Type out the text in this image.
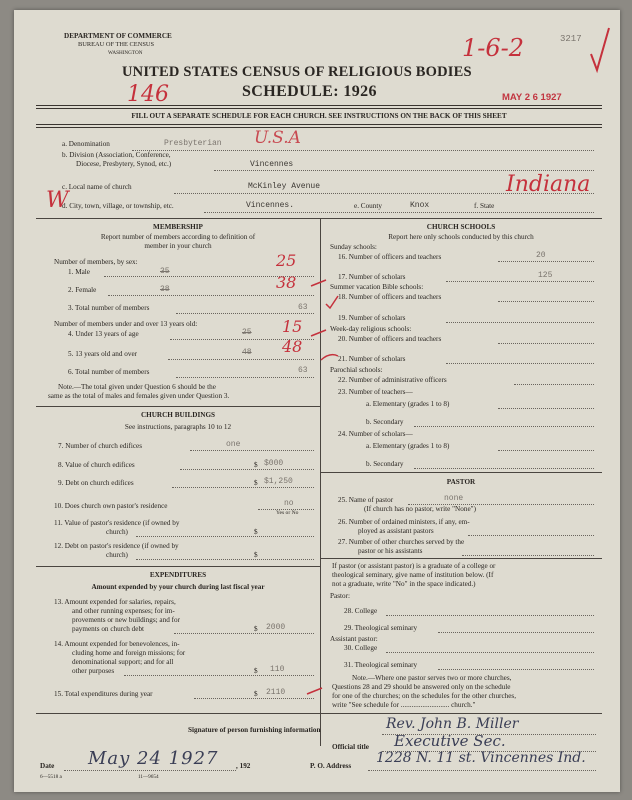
DEPARTMENT OF COMMERCE
BUREAU OF THE CENSUS
WASHINGTON
UNITED STATES CENSUS OF RELIGIOUS BODIES
SCHEDULE: 1926
3217
MAY 2 6 1927
1-6-2
146
FILL OUT A SEPARATE SCHEDULE FOR EACH CHURCH. SEE INSTRUCTIONS ON THE BACK OF THIS SHEET
a. Denomination	Presbyterian U.S.A
b. Division (Association, Conference,
Diocese, Presbytery, Synod, etc.)	Vincennes
W
c. Local name of church	McKinley Avenue
d. City, town, village, or township, etc.	Vincennes.	e. County	Knox	f. State
Indiana
MEMBERSHIP
Report number of members according to definition of
member in your church
Number of members, by sex:
1. Male	35
25
2. Female	38	38
3. Total number of members	63
Number of members under and over 13 years old:
4. Under 13 years of age	25 15
5. 13 years old and over	48 48
6. Total number of members	63
Note.—The total given under Question 6 should be the
same as the total of males and females given under Question 3.
CHURCH BUILDINGS
See instructions, paragraphs 10 to 12
7. Number of church edifices	one
8. Value of church edifices	$ $000
9. Debt on church edifices	$ $1,250
10. Does church own pastor's residence	no
Yes or No
11. Value of pastor's residence (if owned by
church)	$
12. Debt on pastor's residence (if owned by
church)	$
EXPENDITURES
Amount expended by your church during last fiscal year
13. Amount expended for salaries, repairs,
and other running expenses; for im-
provements or new buildings; and for
payments on church debt	$ 2000
14. Amount expended for benevolences, in-
cluding home and foreign missions; for
denominational support; and for all
other purposes	$ 110
15. Total expenditures during year	$ 2110
CHURCH SCHOOLS
Report here only schools conducted by this church
Sunday schools:
16. Number of officers and teachers	20
17. Number of scholars	125
Summer vacation Bible schools:
18. Number of officers and teachers
19. Number of scholars
Week-day religious schools:
20. Number of officers and teachers
21. Number of scholars
Parochial schools:
22. Number of administrative officers
23. Number of teachers—
a. Elementary (grades 1 to 8)
b. Secondary
24. Number of scholars—
a. Elementary (grades 1 to 8)
b. Secondary
PASTOR
25. Name of pastor	none
(If church has no pastor, write "None")
26. Number of ordained ministers, if any, em-
ployed as assistant pastors
27. Number of other churches served by the
pastor or his assistants
If pastor (or assistant pastor) is a graduate of a college or
theological seminary, give name of institution below. (If
not a graduate, write "No" in the space indicated.)
Pastor:
28. College
29. Theological seminary
Assistant pastor:
30. College
31. Theological seminary
Note.—Where one pastor serves two or more churches,
Questions 28 and 29 should be answered only on the schedule
for one of the churches; on the schedules for the other churches,
write "See schedule for ........................... church."
Signature of person furnishing information	Rev. John B. Miller
Official title Executive Sec.
Date May 24 1927 , 192	P. O. Address 1228 N. 11 st. Vincennes Ind.
6—5518 a	11—9654
